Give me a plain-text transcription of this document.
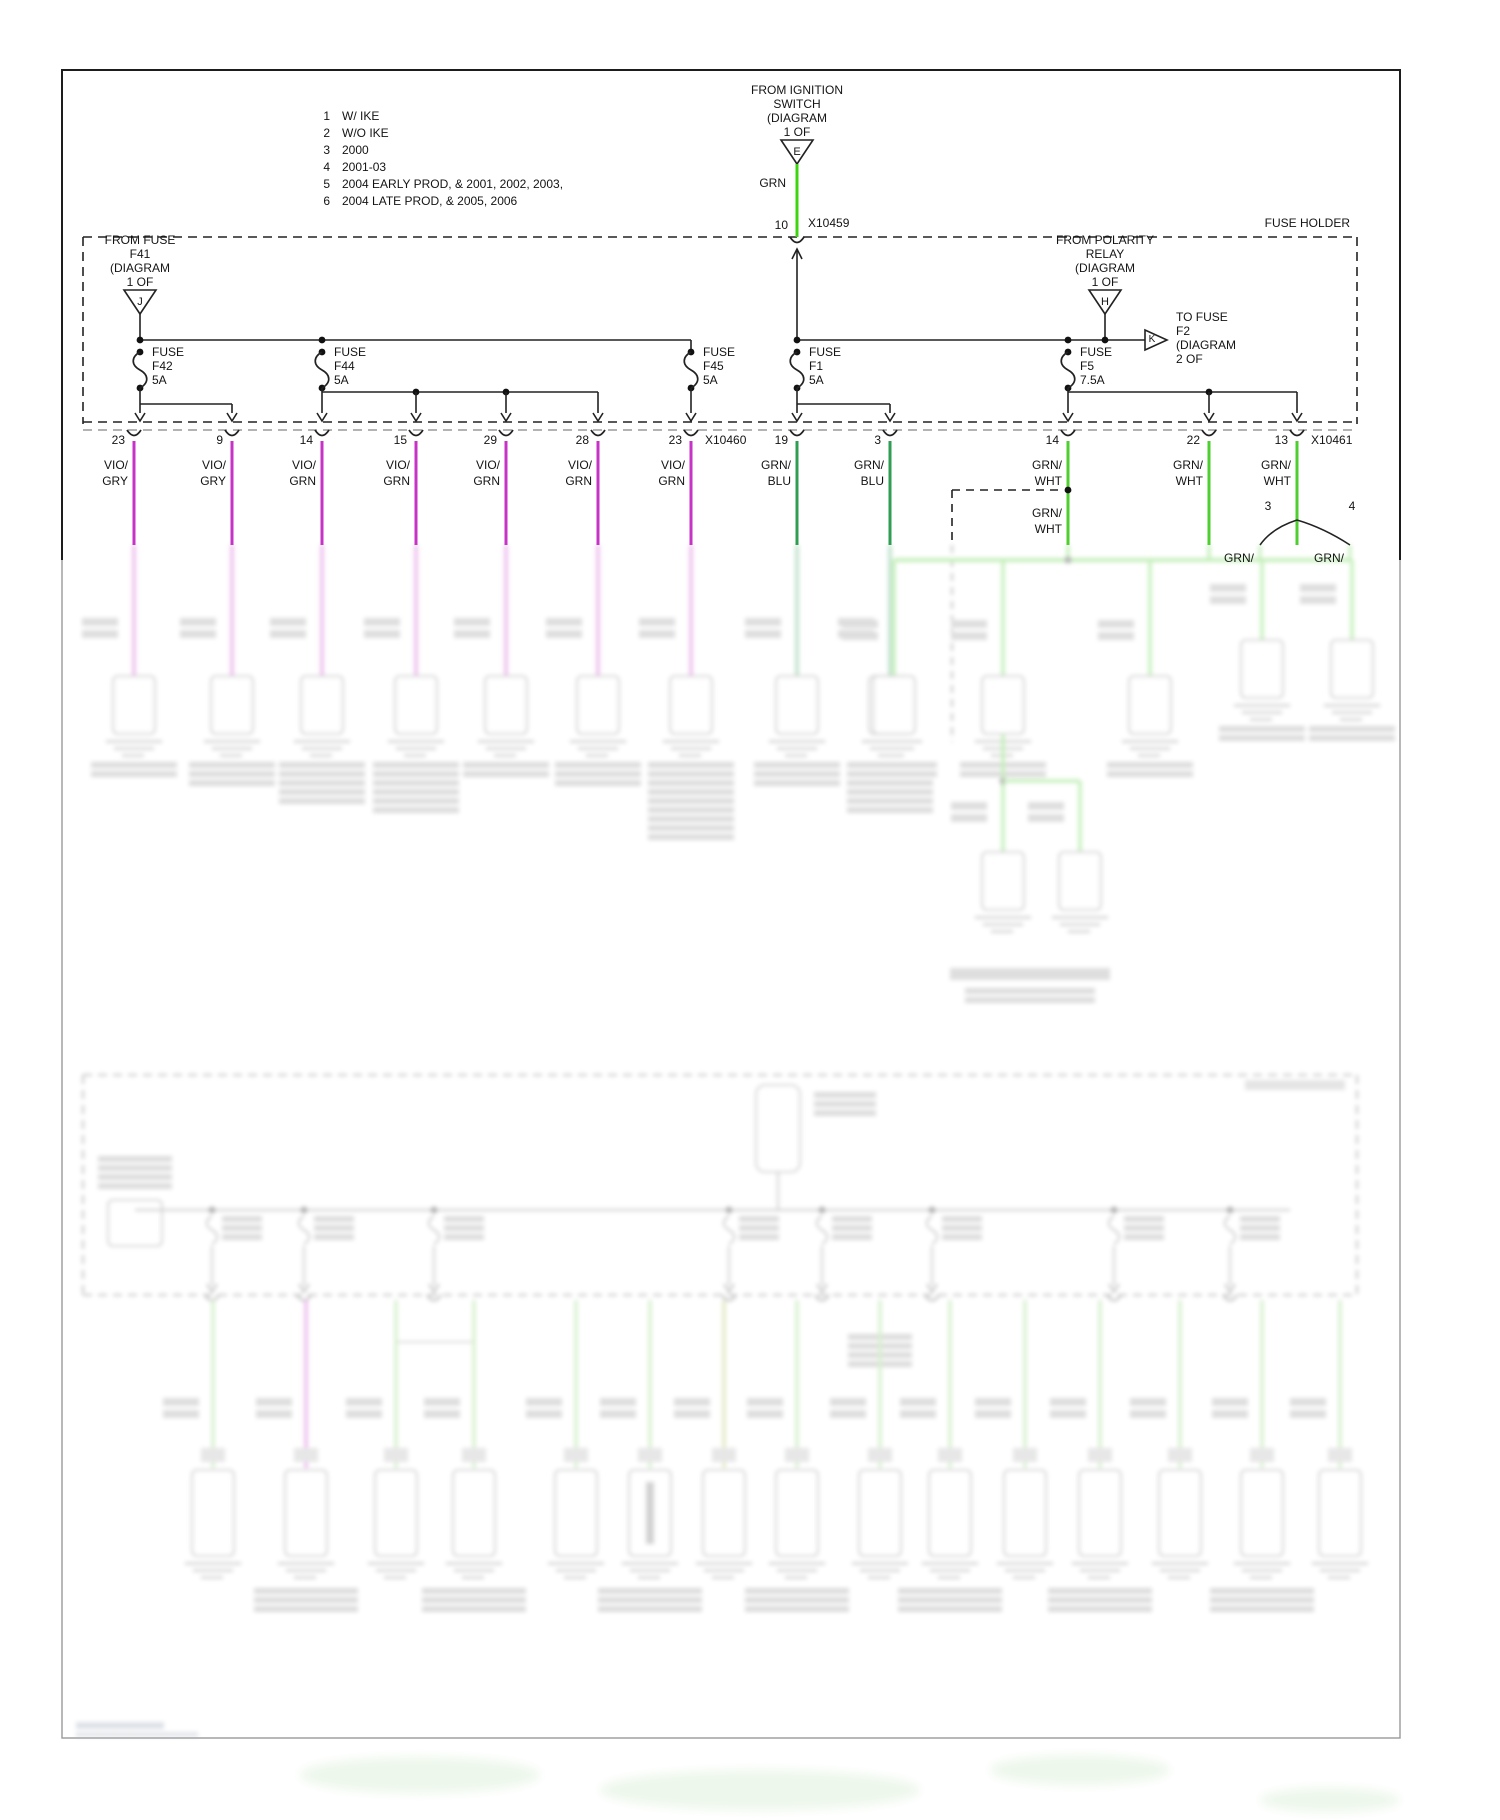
1 W/ IKE
2 W/O IKE
3 2000
4 2001-03
5 2004 EARLY PROD, & 2001, 2002, 2003,
6 2004 LATE PROD, & 2005, 2006
FUSE HOLDER
FROM IGNITION
SWITCH
(DIAGRAM
1 OF
E
GRN
10 X10459
FROM FUSE
F41
(DIAGRAM
1 OF
J
FROM POLARITY
RELAY
(DIAGRAM
1 OF
H
K
TO FUSE
F2
(DIAGRAM
2 OF
FUSE
F42
5A
FUSE
F44
5A
FUSE
F45
5A
FUSE
F1
5A
FUSE
F5
7.5A
23
VIO/
GRY
9
VIO/
GRY
14
VIO/
GRN
15
VIO/
GRN
29
VIO/
GRN
28
VIO/
GRN
23 X10460
VIO/
GRN
19
GRN/
BLU
3
GRN/
BLU
14
GRN/
WHT
22
GRN/
WHT
13 X10461
GRN/
WHT
GRN/
WHT
3	4
GRN/	GRN/
